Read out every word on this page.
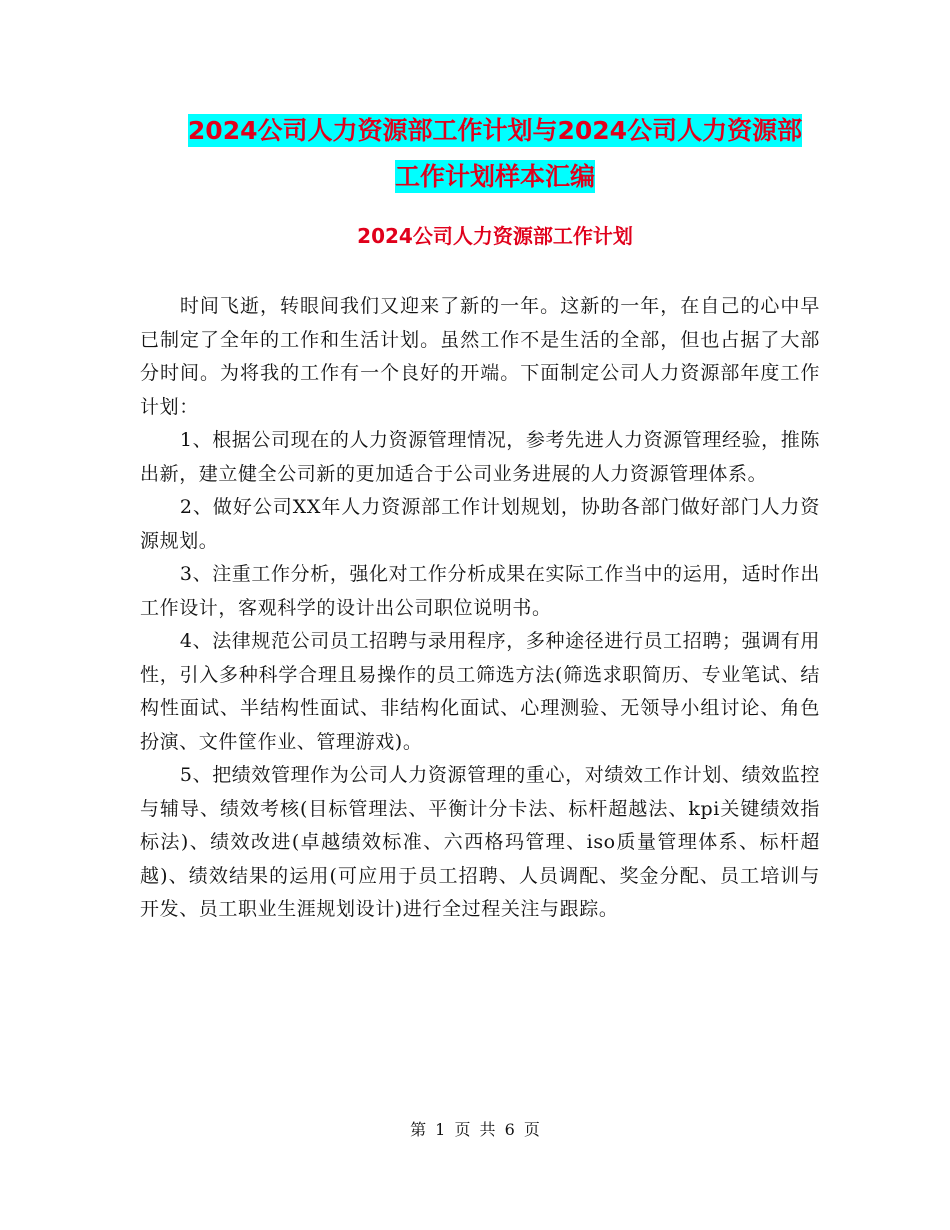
2024公司人力资源部工作计划与2024公司人力资源部
工作计划样本汇编
2024公司人力资源部工作计划

时间飞逝，转眼间我们又迎来了新的一年。这新的一年，在自己的心中早已制定了全年的工作和生活计划。虽然工作不是生活的全部，但也占据了大部分时间。为将我的工作有一个良好的开端。下面制定公司人力资源部年度工作计划：

1、根据公司现在的人力资源管理情况，参考先进人力资源管理经验，推陈出新，建立健全公司新的更加适合于公司业务进展的人力资源管理体系。

2、做好公司XX年人力资源部工作计划规划，协助各部门做好部门人力资源规划。

3、注重工作分析，强化对工作分析成果在实际工作当中的运用，适时作出工作设计，客观科学的设计出公司职位说明书。

4、法律规范公司员工招聘与录用程序，多种途径进行员工招聘；强调有用性，引入多种科学合理且易操作的员工筛选方法(筛选求职简历、专业笔试、结构性面试、半结构性面试、非结构化面试、心理测验、无领导小组讨论、角色扮演、文件筐作业、管理游戏)。

5、把绩效管理作为公司人力资源管理的重心，对绩效工作计划、绩效监控与辅导、绩效考核(目标管理法、平衡计分卡法、标杆超越法、kpi关键绩效指标法)、绩效改进(卓越绩效标准、六西格玛管理、iso质量管理体系、标杆超越)、绩效结果的运用(可应用于员工招聘、人员调配、奖金分配、员工培训与开发、员工职业生涯规划设计)进行全过程关注与跟踪。

第 1 页 共 6 页
